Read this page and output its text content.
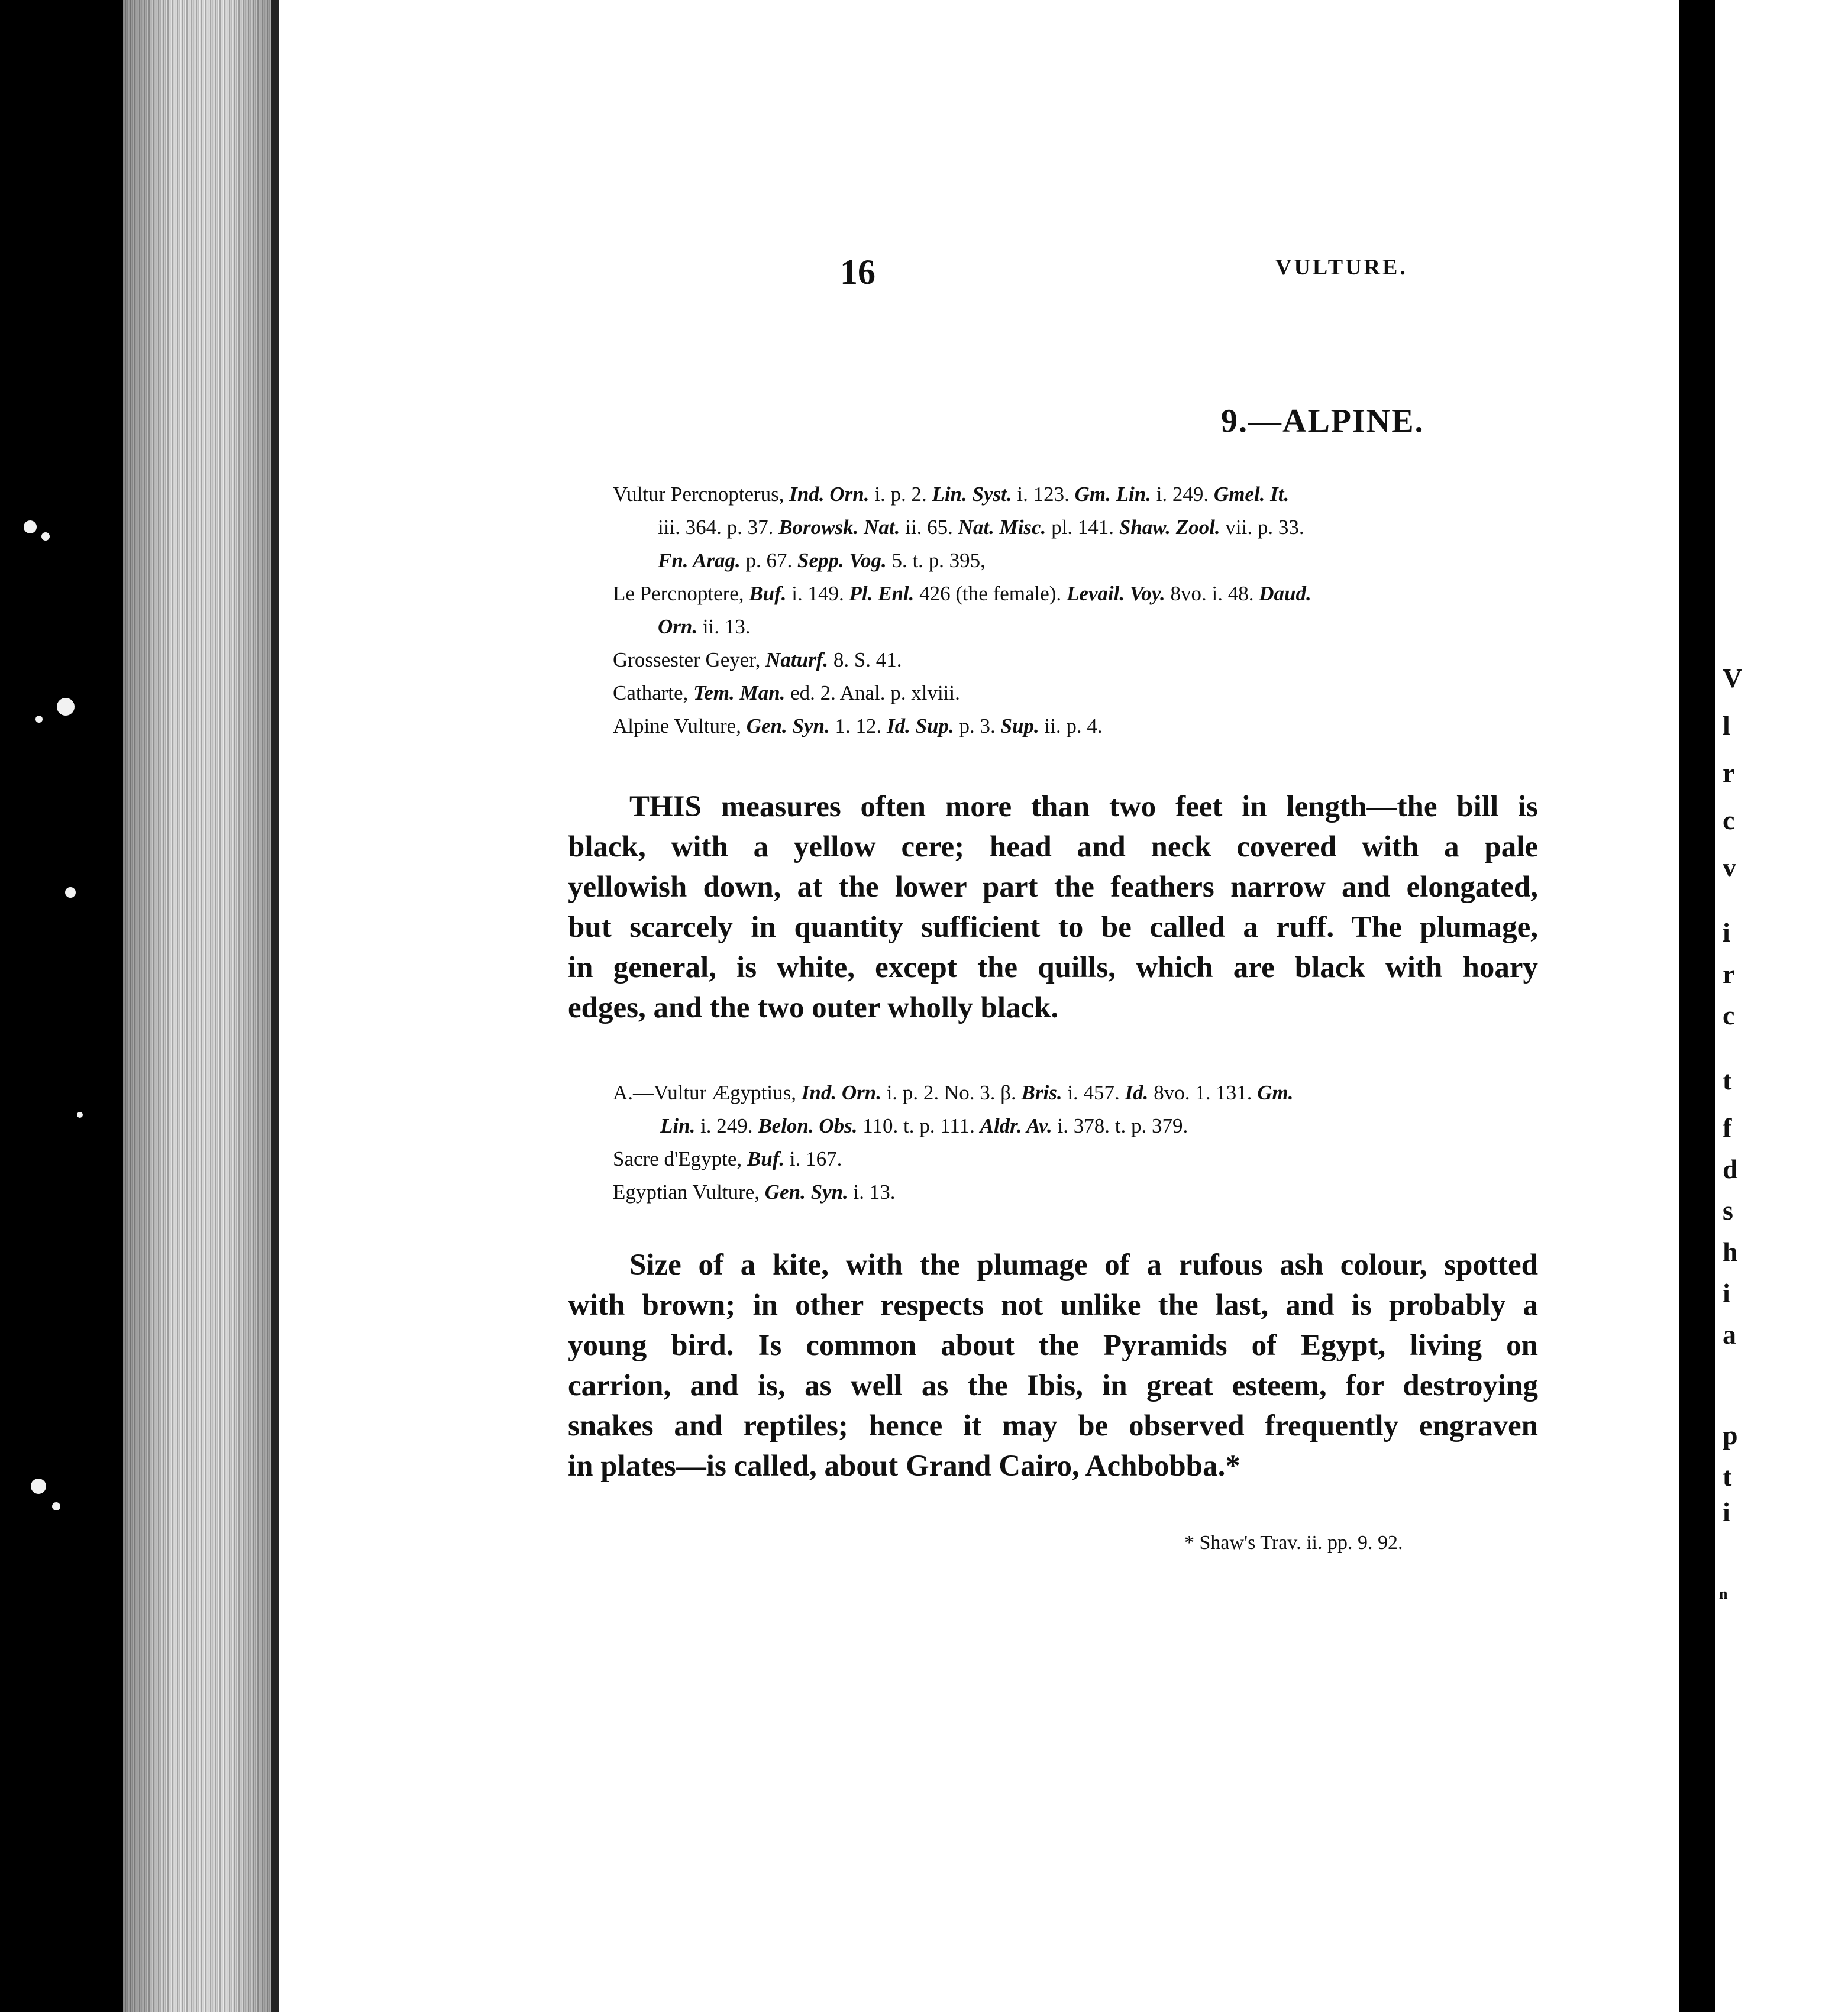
16	VULTURE.
9.—ALPINE.
Vultur Percnopterus, Ind. Orn. i. p. 2. Lin. Syst. i. 123. Gm. Lin. i. 249. Gmel. It.
iii. 364. p. 37. Borowsk. Nat. ii. 65. Nat. Misc. pl. 141. Shaw. Zool. vii. p. 33.
Fn. Arag. p. 67. Sepp. Vog. 5. t. p. 395,
Le Percnoptere, Buf. i. 149. Pl. Enl. 426 (the female). Levail. Voy. 8vo. i. 48. Daud.
Orn. ii. 13.
Grossester Geyer, Naturf. 8. S. 41.
Catharte, Tem. Man. ed. 2. Anal. p. xlviii.
Alpine Vulture, Gen. Syn. 1. 12. Id. Sup. p. 3. Sup. ii. p. 4.
THIS measures often more than two feet in length—the bill is
black, with a yellow cere; head and neck covered with a pale
yellowish down, at the lower part the feathers narrow and elongated,
but scarcely in quantity sufficient to be called a ruff. The plumage,
in general, is white, except the quills, which are black with hoary
edges, and the two outer wholly black.
A.—Vultur Ægyptius, Ind. Orn. i. p. 2. No. 3. β. Bris. i. 457. Id. 8vo. 1. 131. Gm.
Lin. i. 249. Belon. Obs. 110. t. p. 111. Aldr. Av. i. 378. t. p. 379.
Sacre d'Egypte, Buf. i. 167.
Egyptian Vulture, Gen. Syn. i. 13.
Size of a kite, with the plumage of a rufous ash colour, spotted
with brown; in other respects not unlike the last, and is probably a
young bird. Is common about the Pyramids of Egypt, living on
carrion, and is, as well as the Ibis, in great esteem, for destroying
snakes and reptiles; hence it may be observed frequently engraven
in plates—is called, about Grand Cairo, Achbobba.*
* Shaw's Trav. ii. pp. 9. 92.
V
l
r
c
v
i
r
c
t
f
d
s
h
i
a
p
t
i
n
